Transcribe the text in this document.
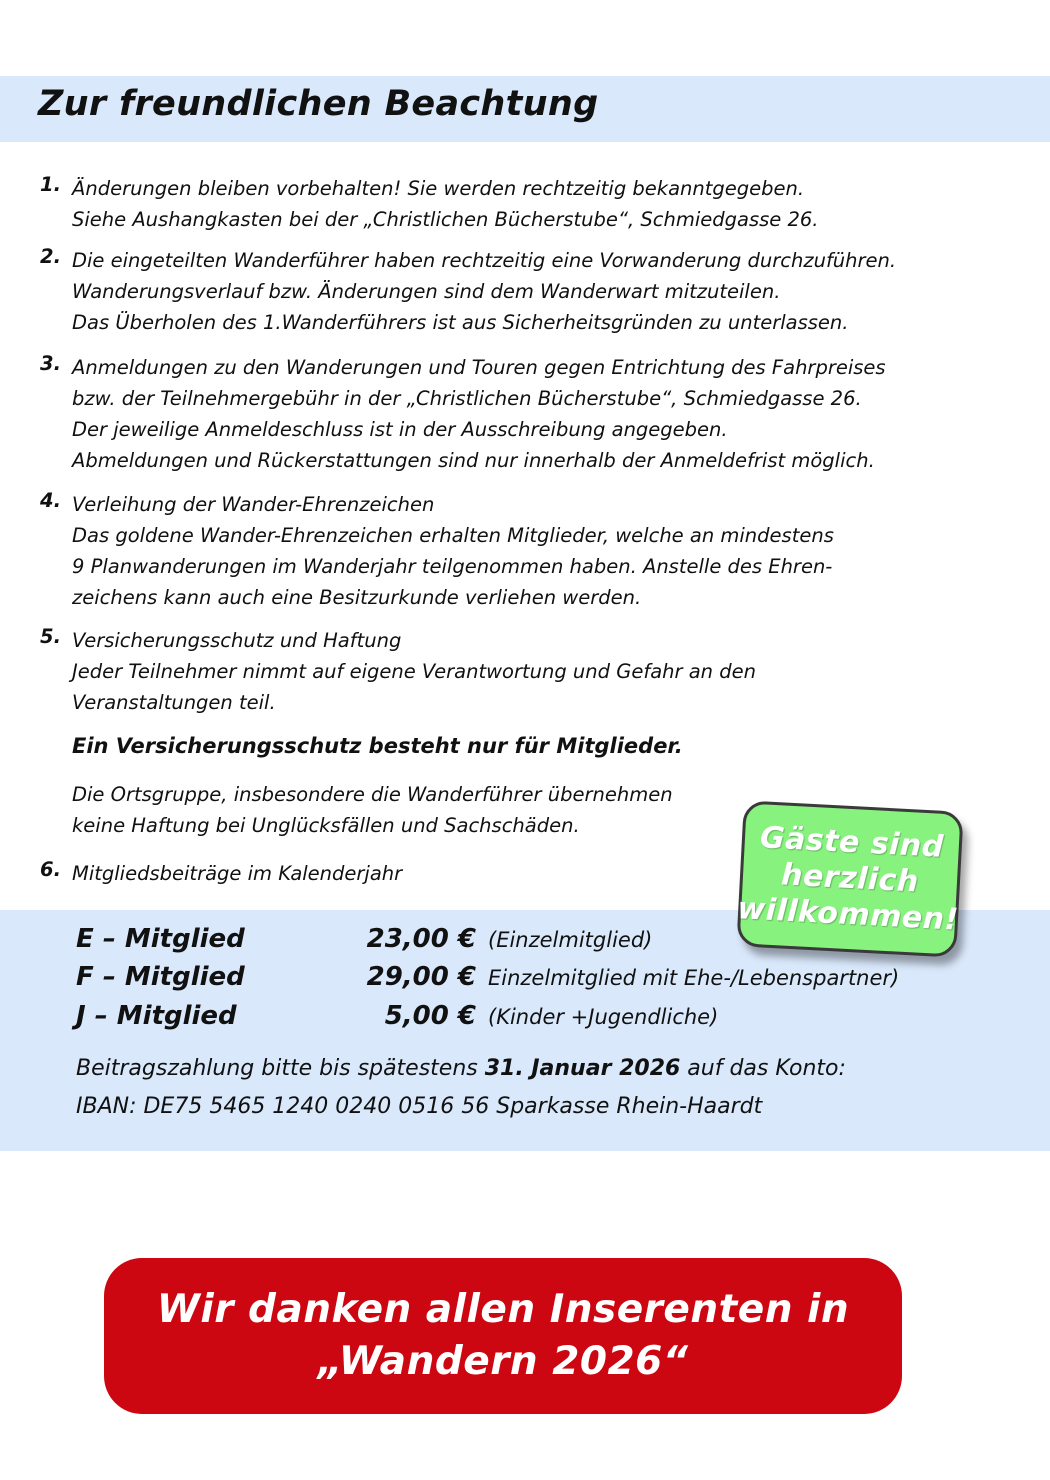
Zur freundlichen Beachtung
1. Änderungen bleiben vorbehalten! Sie werden rechtzeitig bekanntgegeben.
Siehe Aushangkasten bei der „Christlichen Bücherstube“, Schmiedgasse 26.
2. Die eingeteilten Wanderführer haben rechtzeitig eine Vorwanderung durchzuführen.
Wanderungsverlauf bzw. Änderungen sind dem Wanderwart mitzuteilen.
Das Überholen des 1.Wanderführers ist aus Sicherheitsgründen zu unterlassen.
3. Anmeldungen zu den Wanderungen und Touren gegen Entrichtung des Fahrpreises
bzw. der Teilnehmergebühr in der „Christlichen Bücherstube“, Schmiedgasse 26.
Der jeweilige Anmeldeschluss ist in der Ausschreibung angegeben.
Abmeldungen und Rückerstattungen sind nur innerhalb der Anmeldefrist möglich.
4. Verleihung der Wander-Ehrenzeichen
Das goldene Wander-Ehrenzeichen erhalten Mitglieder, welche an mindestens
9 Planwanderungen im Wanderjahr teilgenommen haben. Anstelle des Ehren-
zeichens kann auch eine Besitzurkunde verliehen werden.
5. Versicherungsschutz und Haftung
Jeder Teilnehmer nimmt auf eigene Verantwortung und Gefahr an den
Veranstaltungen teil.
Ein Versicherungsschutz besteht nur für Mitglieder.
Die Ortsgruppe, insbesondere die Wanderführer übernehmen
keine Haftung bei Unglücksfällen und Sachschäden.
6. Mitgliedsbeiträge im Kalenderjahr
E – Mitglied	23,00 € (Einzelmitglied)
F – Mitglied	29,00 € Einzelmitglied mit Ehe-/Lebenspartner)
J – Mitglied	5,00 € (Kinder +Jugendliche)
Beitragszahlung bitte bis spätestens 31. Januar 2026 auf das Konto:
IBAN: DE75 5465 1240 0240 0516 56 Sparkasse Rhein-Haardt
Gäste sind
herzlich
willkommen!
Wir danken allen Inserenten in
„Wandern 2026“
